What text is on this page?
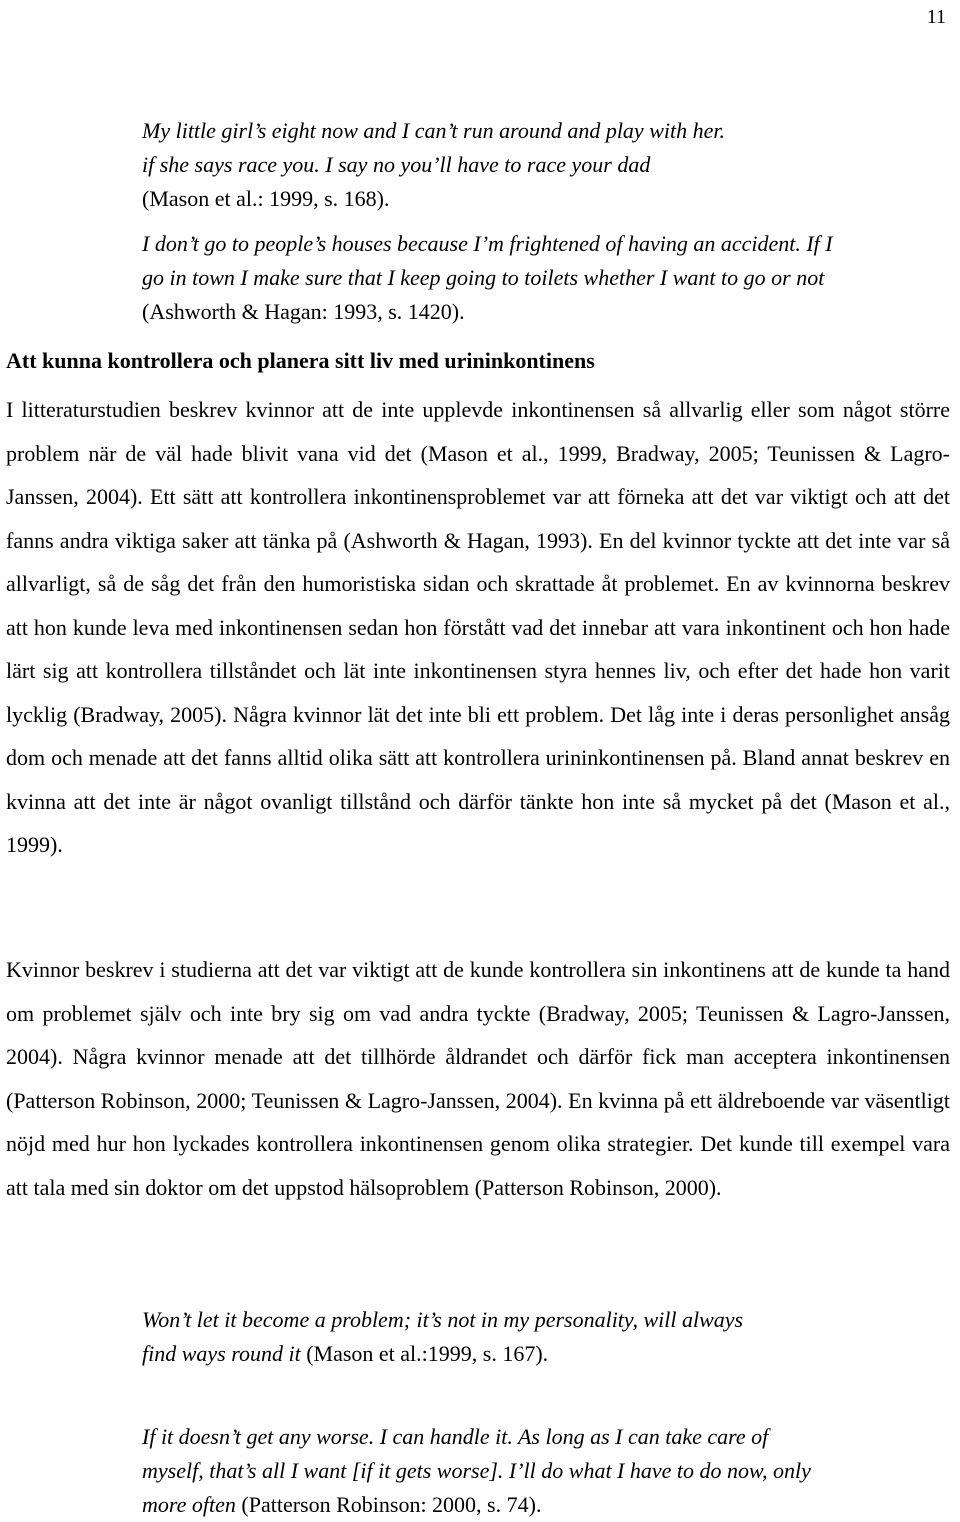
11

My little girl’s eight now and I can’t run around and play with her.

if she says race you. I say no you’ll have to race your dad

(Mason et al.: 1999, s. 168).

I don’t go to people’s houses because I’m frightened of having an accident. If I go in town I make sure that I keep going to toilets whether I want to go or not (Ashworth & Hagan: 1993, s. 1420).

Att kunna kontrollera och planera sitt liv med urininkontinens

I litteraturstudien beskrev kvinnor att de inte upplevde inkontinensen så allvarlig eller som något större problem när de väl hade blivit vana vid det (Mason et al., 1999, Bradway, 2005; Teunissen & Lagro-Janssen, 2004). Ett sätt att kontrollera inkontinensproblemet var att förneka att det var viktigt och att det fanns andra viktiga saker att tänka på (Ashworth & Hagan, 1993). En del kvinnor tyckte att det inte var så allvarligt, så de såg det från den humoristiska sidan och skrattade åt problemet. En av kvinnorna beskrev att hon kunde leva med inkontinensen sedan hon förstått vad det innebar att vara inkontinent och hon hade lärt sig att kontrollera tillståndet och lät inte inkontinensen styra hennes liv, och efter det hade hon varit lycklig (Bradway, 2005). Några kvinnor lät det inte bli ett problem. Det låg inte i deras personlighet ansåg dom och menade att det fanns alltid olika sätt att kontrollera urininkontinensen på. Bland annat beskrev en kvinna att det inte är något ovanligt tillstånd och därför tänkte hon inte så mycket på det (Mason et al., 1999).

Kvinnor beskrev i studierna att det var viktigt att de kunde kontrollera sin inkontinens att de kunde ta hand om problemet själv och inte bry sig om vad andra tyckte (Bradway, 2005; Teunissen & Lagro-Janssen, 2004). Några kvinnor menade att det tillhörde åldrandet och därför fick man acceptera inkontinensen (Patterson Robinson, 2000; Teunissen & Lagro-Janssen, 2004). En kvinna på ett äldreboende var väsentligt nöjd med hur hon lyckades kontrollera inkontinensen genom olika strategier. Det kunde till exempel vara att tala med sin doktor om det uppstod hälsoproblem (Patterson Robinson, 2000).

Won’t let it become a problem; it’s not in my personality, will always find ways round it (Mason et al.:1999, s. 167).

If it doesn’t get any worse. I can handle it. As long as I can take care of myself, that’s all I want [if it gets worse]. I’ll do what I have to do now, only more often (Patterson Robinson: 2000, s. 74).
